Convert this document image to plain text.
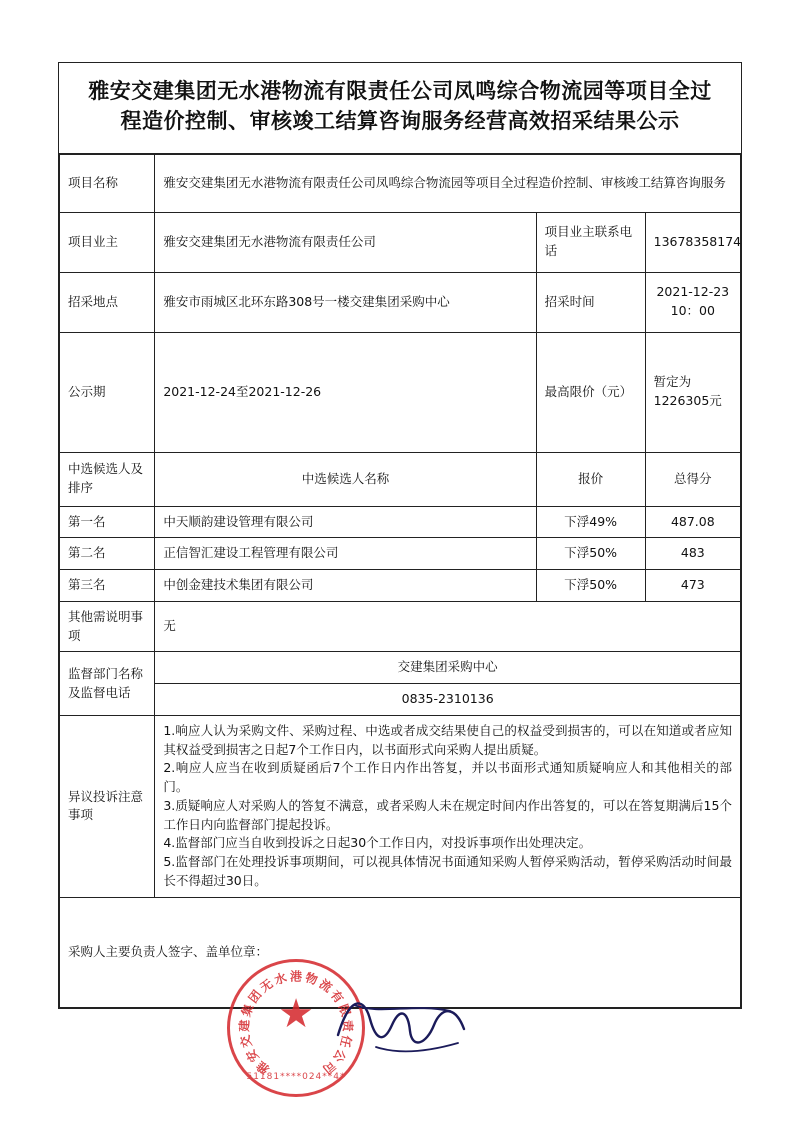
雅安交建集团无水港物流有限责任公司凤鸣综合物流园等项目全过程造价控制、审核竣工结算咨询服务经营高效招采结果公示
项目名称	雅安交建集团无水港物流有限责任公司凤鸣综合物流园等项目全过程造价控制、审核竣工结算咨询服务		
项目业主	雅安交建集团无水港物流有限责任公司	项目业主联系电话	13678358174
招采地点	雅安市雨城区北环东路308号一楼交建集团采购中心	招采时间	2021-12-23 10：00
公示期	2021-12-24至2021-12-26	最高限价（元）	暂定为1226305元
中选候选人及排序	中选候选人名称	报价	总得分
第一名	中天顺韵建设管理有限公司	下浮49%	487.08
第二名	正信智汇建设工程管理有限公司	下浮50%	483
第三名	中创金建技术集团有限公司	下浮50%	473
其他需说明事项	无		
监督部门名称及监督电话	交建集团采购中心		
	0835-2310136		
异议投诉注意事项	1.响应人认为采购文件、采购过程、中选或者成交结果使自己的权益受到损害的，可以在知道或者应知其权益受到损害之日起7个工作日内，以书面形式向采购人提出质疑。

2.响应人应当在收到质疑函后7个工作日内作出答复，并以书面形式通知质疑响应人和其他相关的部门。

3.质疑响应人对采购人的答复不满意，或者采购人未在规定时间内作出答复的，可以在答复期满后15个工作日内向监督部门提起投诉。

4.监督部门应当自收到投诉之日起30个工作日内，对投诉事项作出处理决定。

5.监督部门在处理投诉事项期间，可以视具体情况书面通知采购人暂停采购活动，暂停采购活动时间最长不得超过30日。		

采购人主要负责人签字、盖单位章：			
★
雅
安
交
建
集
团
无
水 港 物
流
有
限
责
任
公
司
51181****024**4*
